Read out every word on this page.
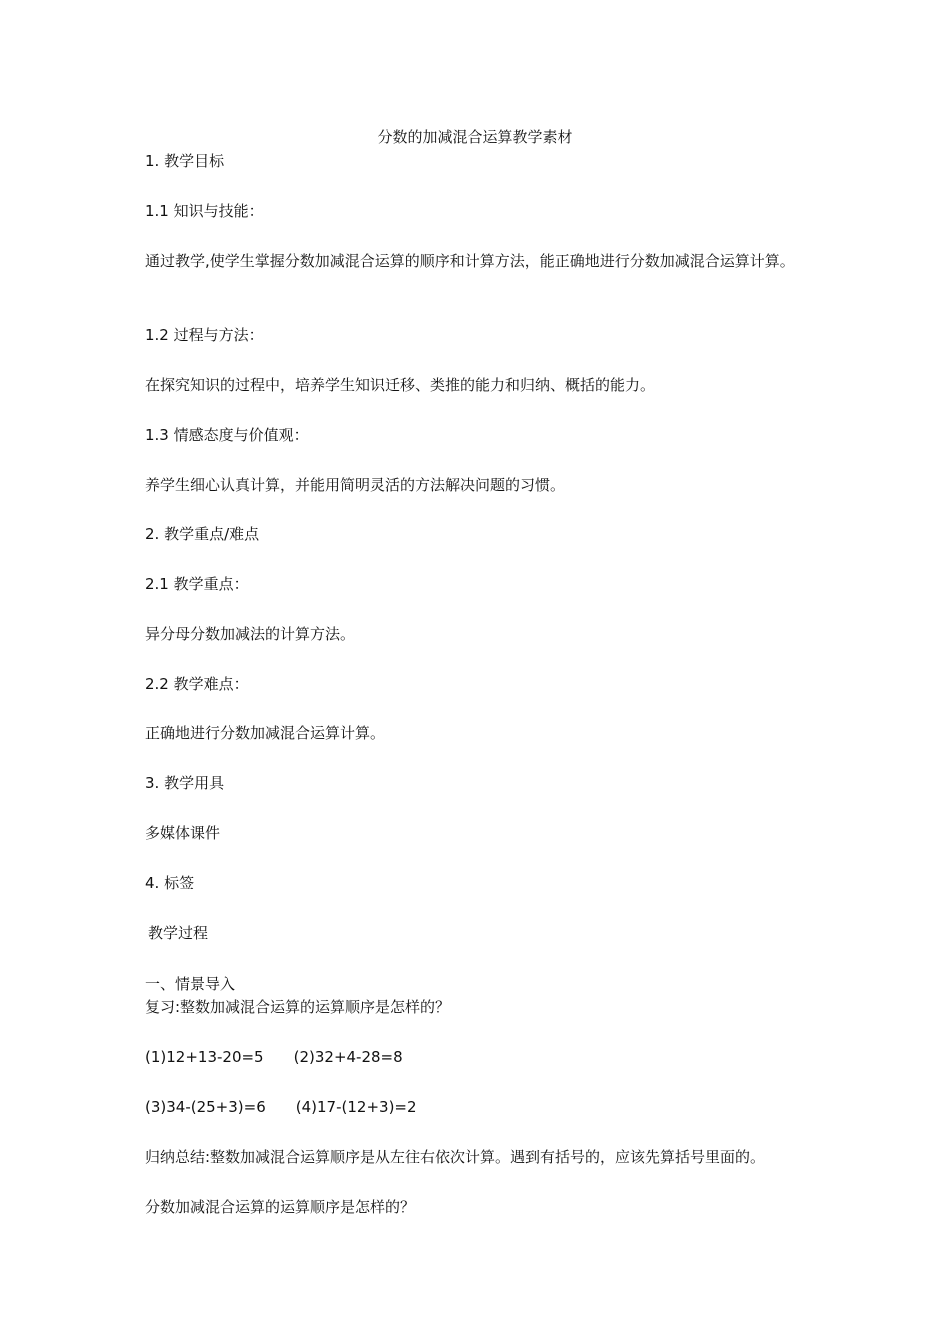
分数的加减混合运算教学素材

1. 教学目标

1.1 知识与技能：

通过教学,使学生掌握分数加减混合运算的顺序和计算方法，能正确地进行分数加减混合运算计算。

1.2 过程与方法：

在探究知识的过程中，培养学生知识迁移、类推的能力和归纳、概括的能力。

1.3 情感态度与价值观：

养学生细心认真计算，并能用简明灵活的方法解决问题的习惯。

2. 教学重点/难点

2.1 教学重点：

异分母分数加减法的计算方法。

2.2 教学难点：

正确地进行分数加减混合运算计算。

3. 教学用具

多媒体课件

4. 标签

教学过程

一、情景导入

复习:整数加减混合运算的运算顺序是怎样的？

(1)12+13-20=5 (2)32+4-28=8

(3)34-(25+3)=6 (4)17-(12+3)=2

归纳总结:整数加减混合运算顺序是从左往右依次计算。遇到有括号的，应该先算括号里面的。

分数加减混合运算的运算顺序是怎样的？
